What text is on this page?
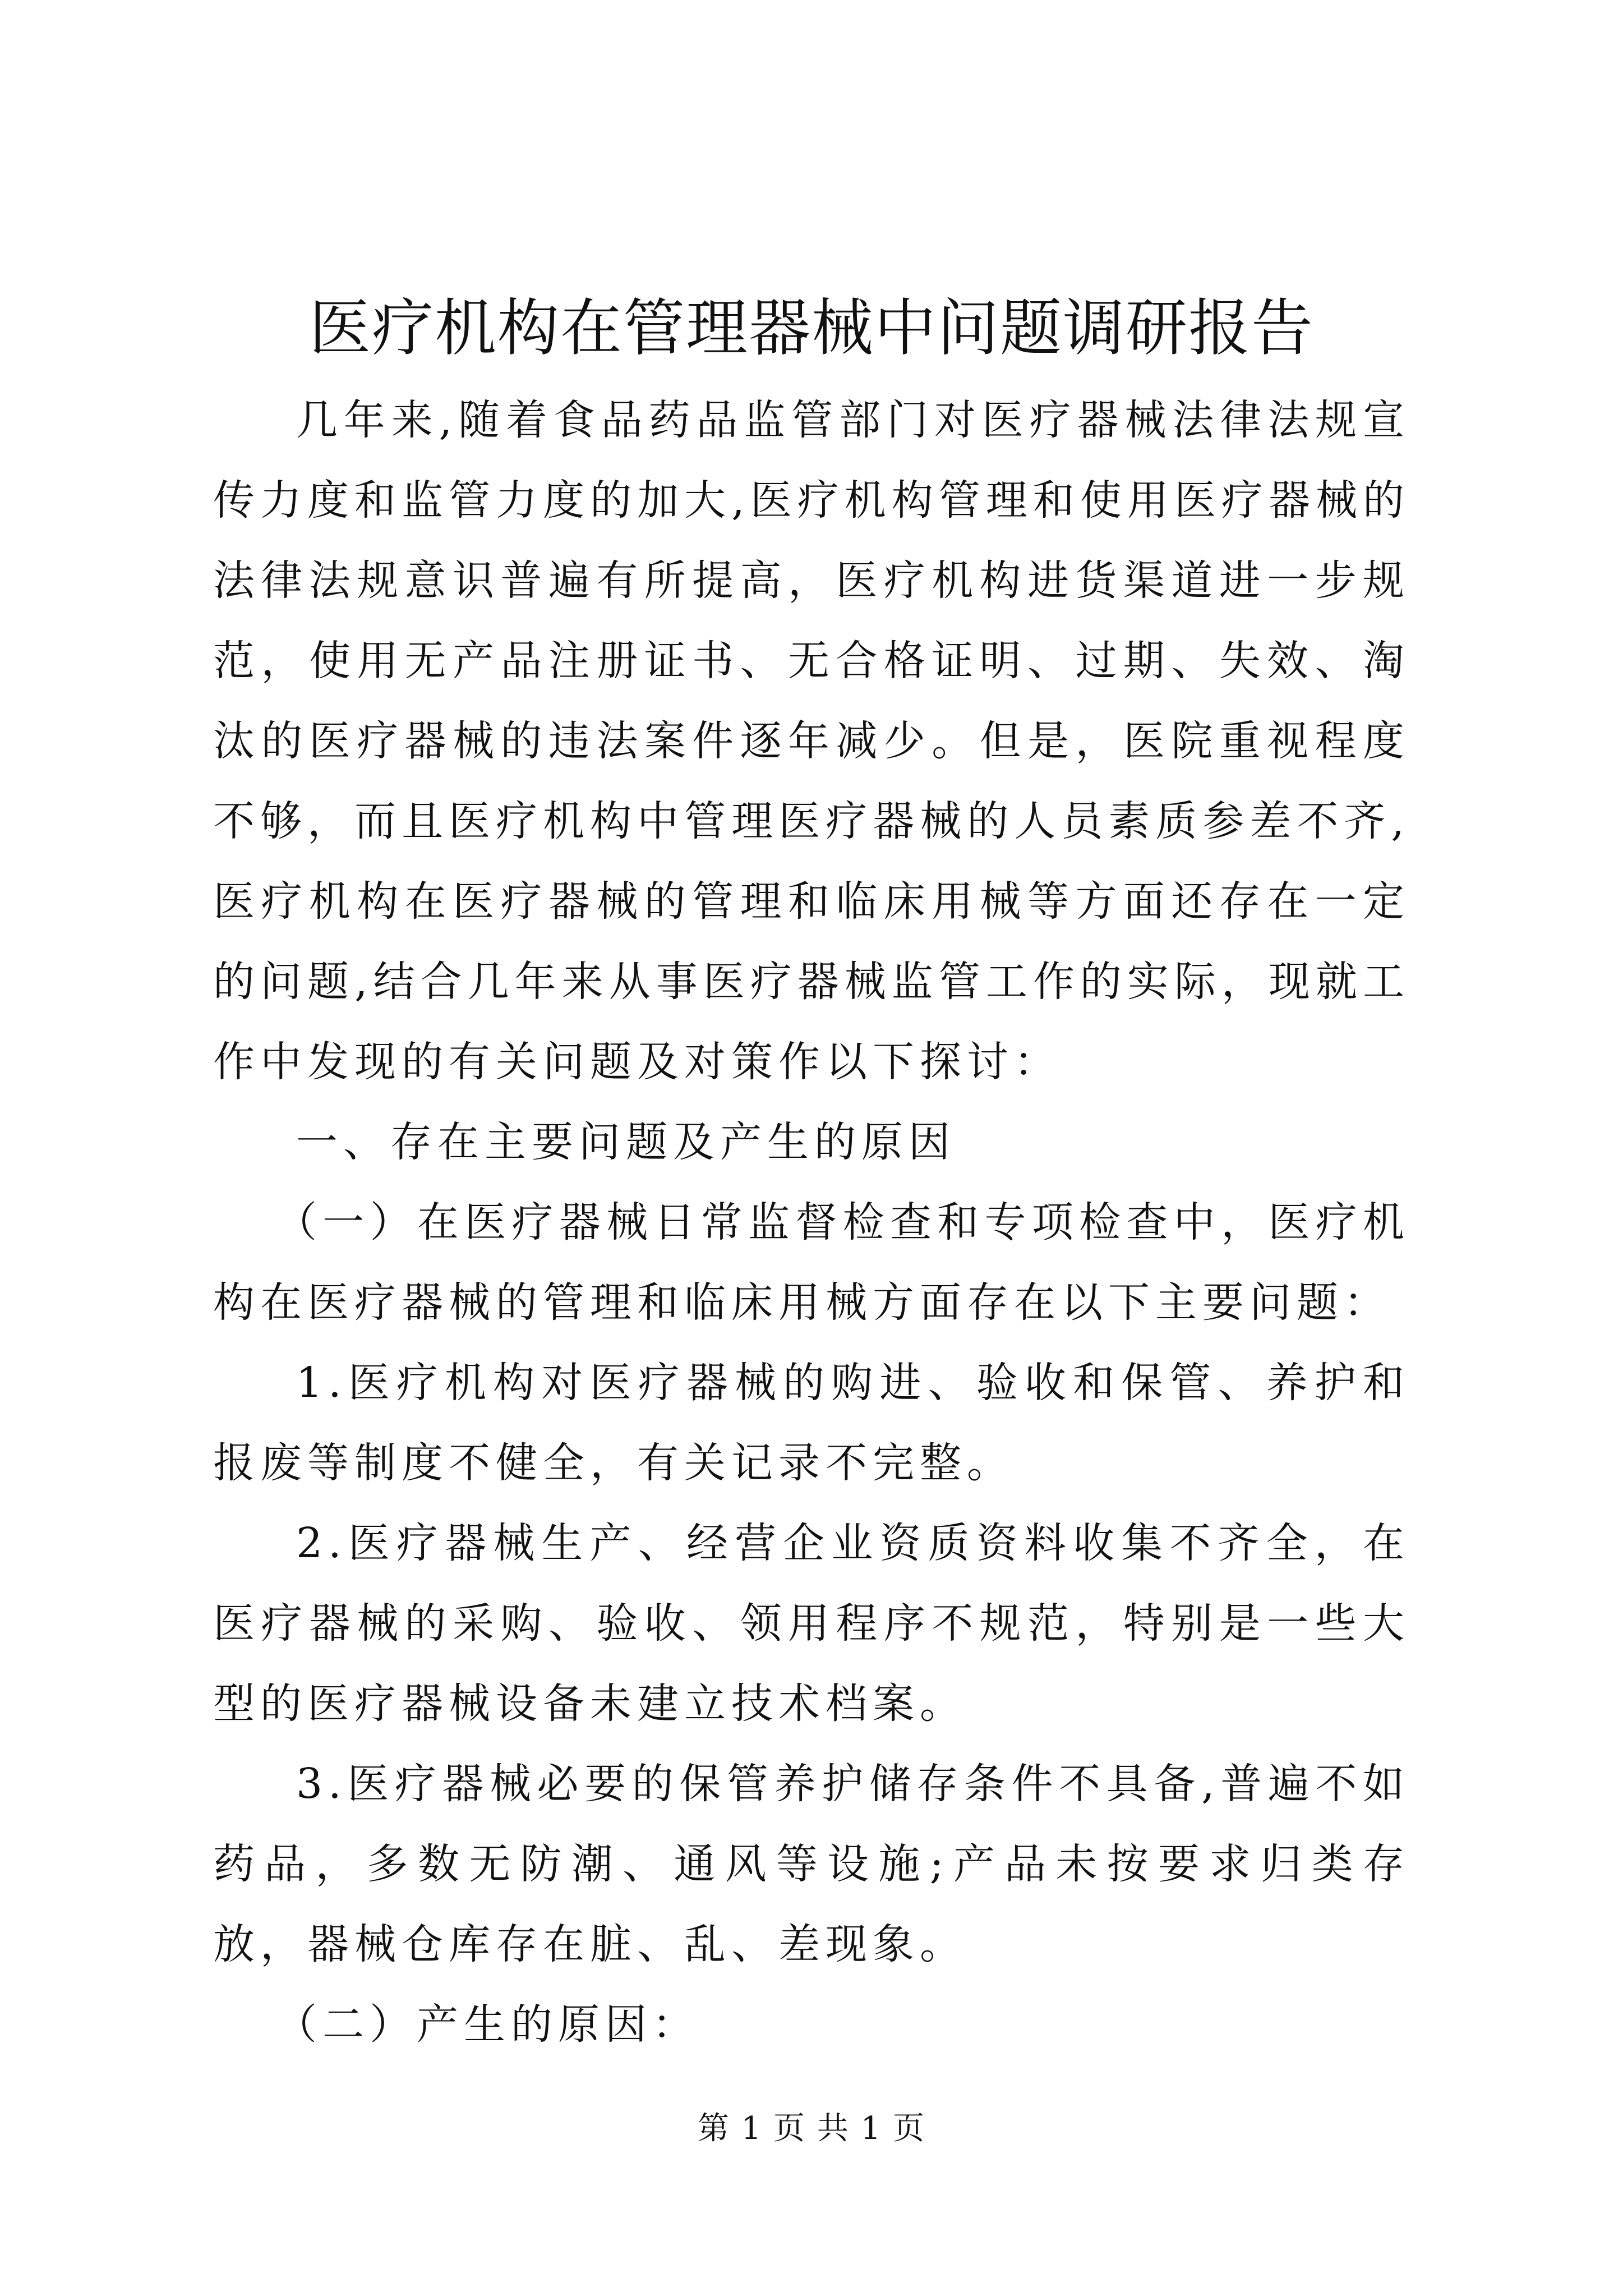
医疗机构在管理器械中问题调研报告

几年来,随着食品药品监管部门对医疗器械法律法规宣传力度和监管力度的加大,医疗机构管理和使用医疗器械的法律法规意识普遍有所提高，医疗机构进货渠道进一步规范，使用无产品注册证书、无合格证明、过期、失效、淘汰的医疗器械的违法案件逐年减少。但是，医院重视程度不够，而且医疗机构中管理医疗器械的人员素质参差不齐,医疗机构在医疗器械的管理和临床用械等方面还存在一定的问题,结合几年来从事医疗器械监管工作的实际，现就工作中发现的有关问题及对策作以下探讨：

一、存在主要问题及产生的原因

（一）在医疗器械日常监督检查和专项检查中，医疗机构在医疗器械的管理和临床用械方面存在以下主要问题：

1.医疗机构对医疗器械的购进、验收和保管、养护和报废等制度不健全，有关记录不完整。

2.医疗器械生产、经营企业资质资料收集不齐全，在医疗器械的采购、验收、领用程序不规范，特别是一些大型的医疗器械设备未建立技术档案。

3.医疗器械必要的保管养护储存条件不具备,普遍不如药品，多数无防潮、通风等设施;产品未按要求归类存放，器械仓库存在脏、乱、差现象。

（二）产生的原因：

第 1 页 共 1 页
